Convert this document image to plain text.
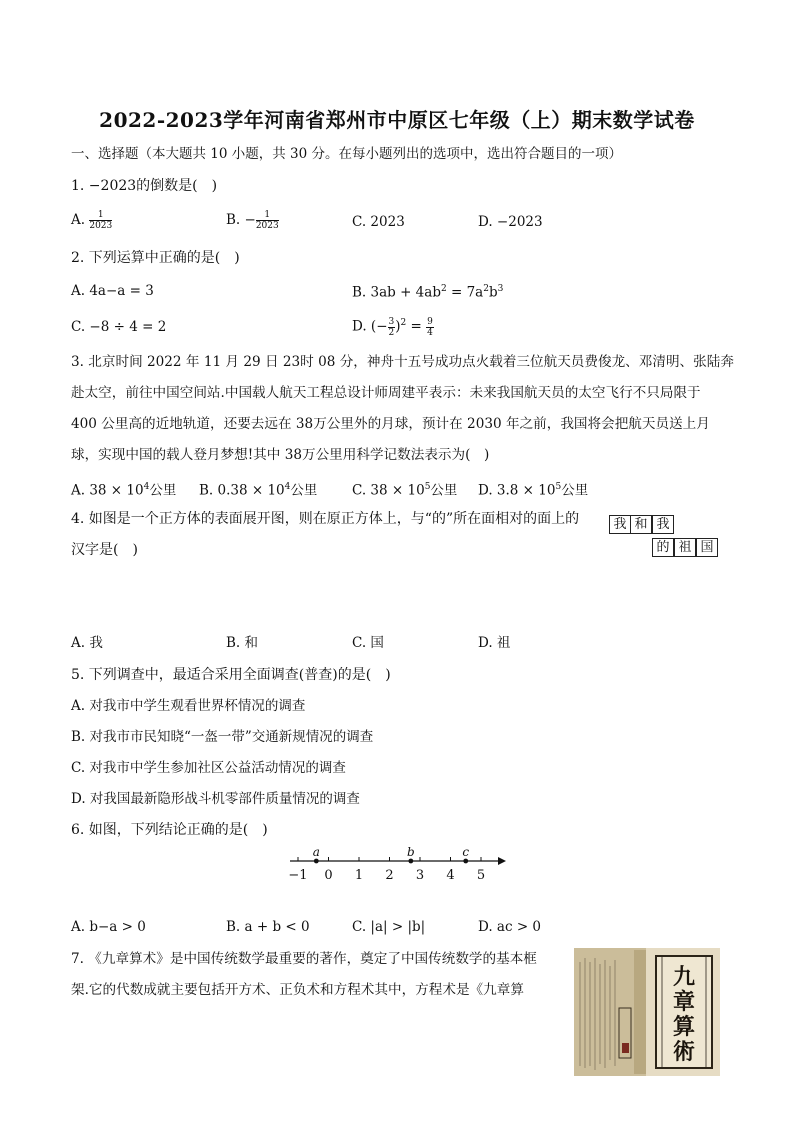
2022-2023学年河南省郑州市中原区七年级（上）期末数学试卷
一、选择题（本大题共 10 小题，共 30 分。在每小题列出的选项中，选出符合题目的一项）
1. −2023的倒数是(　)
A. $\frac{1}{2023}$	B. − $\frac{1}{2023}$	C. 2023	D. −2023
2. 下列运算中正确的是(　)
A. 4a−a = 3	B. $3ab + 4ab^2 = 7a^2b^3$
C. −8 ÷ 4 = 2	D. (− $\frac{3}{2} )^2 = \frac{9}{4}$
3. 北京时间 2022 年 11 月 29 日 23时 08 分，神舟十五号成功点火载着三位航天员费俊龙、邓清明、张陆奔
赴太空，前往中国空间站.中国载人航天工程总设计师周建平表示：未来我国航天员的太空飞行不只局限于
400 公里高的近地轨道，还要去远在 38万公里外的月球，预计在 2030 年之前，我国将会把航天员送上月
球，实现中国的载人登月梦想!其中 38万公里用科学记数法表示为(　)
A. $38 \times 10^4$公里 B. $0.38 \times 10^4$公里	C. $38 \times 10^5$公里 D. $3.8 \times 10^5$公里
4. 如图是一个正方体的表面展开图，则在原正方体上，与“的”所在面相对的面上的
汉字是(　)
我 和 我
的 祖 国
A. 我	B. 和	C. 国	D. 祖
5. 下列调查中，最适合采用全面调查(普查)的是(　)
A. 对我市中学生观看世界杯情况的调查
B. 对我市市民知晓“一盔一带”交通新规情况的调查
C. 对我市中学生参加社区公益活动情况的调查
D. 对我国最新隐形战斗机零部件质量情况的调查
6. 如图，下列结论正确的是(　)
−1 0 1 2 3 4 5
a	b	c
A. b−a > 0	B. a + b < 0	C. |a| > |b|	D. ac > 0
7. 《九章算术》是中国传统数学最重要的著作，奠定了中国传统数学的基本框
架.它的代数成就主要包括开方术、正负术和方程术其中，方程术是《九章算	九
章
算
術
